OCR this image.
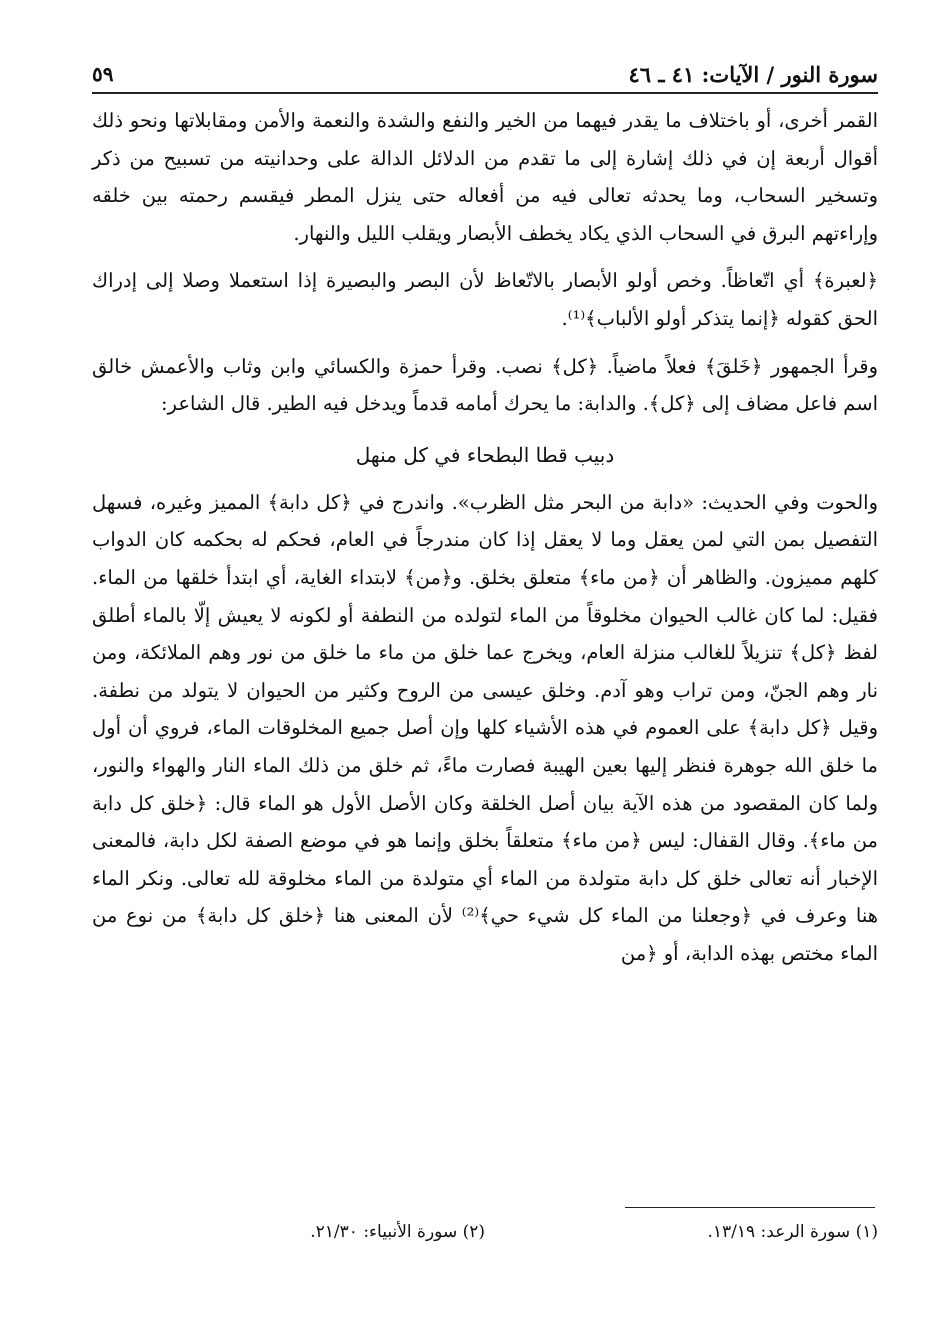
سورة النور / الآيات: ٤١ ـ ٤٦
٥٩

القمر أخرى، أو باختلاف ما يقدر فيهما من الخير والنفع والشدة والنعمة والأمن ومقابلاتها ونحو ذلك أقوال أربعة إن في ذلك إشارة إلى ما تقدم من الدلائل الدالة على وحدانيته من تسبيح من ذكر وتسخير السحاب، وما يحدثه تعالى فيه من أفعاله حتى ينزل المطر فيقسم رحمته بين خلقه وإراءتهم البرق في السحاب الذي يكاد يخطف الأبصار ويقلب الليل والنهار.

﴿لعبرة﴾ أي اتّعاظاً. وخص أولو الأبصار بالاتّعاظ لأن البصر والبصيرة إذا استعملا وصلا إلى إدراك الحق كقوله ﴿إنما يتذكر أولو الألباب﴾⁽¹⁾.

وقرأ الجمهور ﴿خَلقَ﴾ فعلاً ماضياً. ﴿كل﴾ نصب. وقرأ حمزة والكسائي وابن وثاب والأعمش خالق اسم فاعل مضاف إلى ﴿كل﴾. والدابة: ما يحرك أمامه قدماً ويدخل فيه الطير. قال الشاعر:

دبيب قطا البطحاء في كل منهل

والحوت وفي الحديث: «دابة من البحر مثل الظرب». واندرج في ﴿كل دابة﴾ المميز وغيره، فسهل التفصيل بمن التي لمن يعقل وما لا يعقل إذا كان مندرجاً في العام، فحكم له بحكمه كان الدواب كلهم مميزون. والظاهر أن ﴿من ماء﴾ متعلق بخلق. و﴿من﴾ لابتداء الغاية، أي ابتدأ خلقها من الماء. فقيل: لما كان غالب الحيوان مخلوقاً من الماء لتولده من النطفة أو لكونه لا يعيش إلّا بالماء أطلق لفظ ﴿كل﴾ تنزيلاً للغالب منزلة العام، ويخرج عما خلق من ماء ما خلق من نور وهم الملائكة، ومن نار وهم الجنّ، ومن تراب وهو آدم. وخلق عيسى من الروح وكثير من الحيوان لا يتولد من نطفة. وقيل ﴿كل دابة﴾ على العموم في هذه الأشياء كلها وإن أصل جميع المخلوقات الماء، فروي أن أول ما خلق الله جوهرة فنظر إليها بعين الهيبة فصارت ماءً، ثم خلق من ذلك الماء النار والهواء والنور، ولما كان المقصود من هذه الآية بيان أصل الخلقة وكان الأصل الأول هو الماء قال: ﴿خلق كل دابة من ماء﴾. وقال القفال: ليس ﴿من ماء﴾ متعلقاً بخلق وإنما هو في موضع الصفة لكل دابة، فالمعنى الإخبار أنه تعالى خلق كل دابة متولدة من الماء أي متولدة من الماء مخلوقة لله تعالى. ونكر الماء هنا وعرف في ﴿وجعلنا من الماء كل شيء حي﴾⁽²⁾ لأن المعنى هنا ﴿خلق كل دابة﴾ من نوع من الماء مختص بهذه الدابة، أو ﴿من

(١) سورة الرعد: ١٣/١٩.
(٢) سورة الأنبياء: ٢١/٣٠.
